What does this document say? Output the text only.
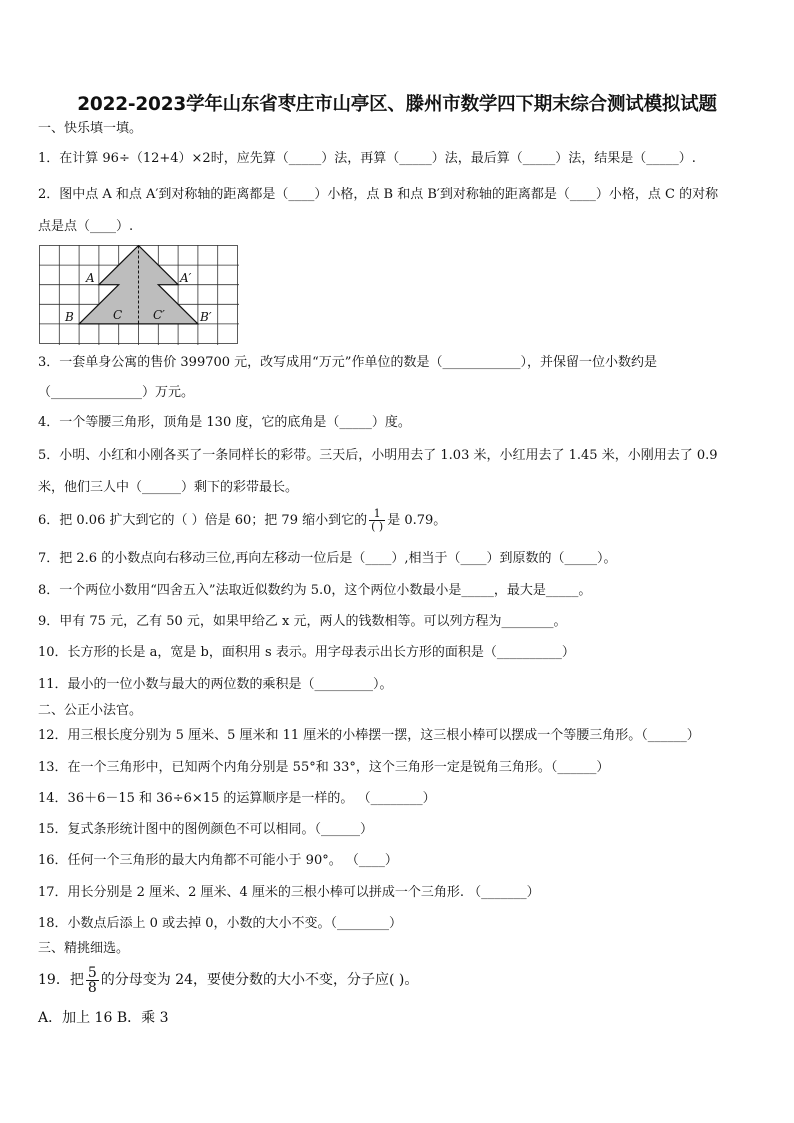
2022-2023学年山东省枣庄市山亭区、滕州市数学四下期末综合测试模拟试题
一、快乐填一填。
1．在计算 96÷（12+4）×2时，应先算（_____）法，再算（_____）法，最后算（_____）法，结果是（_____）.
2．图中点 A 和点 A′到对称轴的距离都是（____）小格，点 B 和点 B′到对称轴的距离都是（____）小格，点 C 的对称
点是点（____）.
A	A′
B	B′
C	C′
3．一套单身公寓的售价 399700 元，改写成用“万元”作单位的数是（____________），并保留一位小数约是
（______________）万元。
4．一个等腰三角形，顶角是 130 度，它的底角是（_____）度。
5．小明、小红和小刚各买了一条同样长的彩带。三天后，小明用去了 1.03 米，小红用去了 1.45 米，小刚用去了 0.9
米，他们三人中（______）剩下的彩带最长。
6．把 0.06 扩大到它的（ ）倍是 60；把 79 缩小到它的 $\frac{1}{( )}$ 是 0.79。
7．把 2.6 的小数点向右移动三位,再向左移动一位后是（____）,相当于（____）到原数的（_____）。
8．一个两位小数用“四舍五入”法取近似数约为 5.0，这个两位小数最小是_____，最大是_____。
9．甲有 75 元，乙有 50 元，如果甲给乙 x 元，两人的钱数相等。可以列方程为________。
10．长方形的长是 a，宽是 b，面积用 s 表示。用字母表示出长方形的面积是（__________）
11．最小的一位小数与最大的两位数的乘积是（_________）。
二、公正小法官。
12．用三根长度分别为 5 厘米、5 厘米和 11 厘米的小棒摆一摆，这三根小棒可以摆成一个等腰三角形。（______）
13．在一个三角形中，已知两个内角分别是 55°和 33°，这个三角形一定是锐角三角形。（______）
14．36＋6－15 和 36÷6×15 的运算顺序是一样的。 （________）
15．复式条形统计图中的图例颜色不可以相同。（______）
16．任何一个三角形的最大内角都不可能小于 90°。 （____）
17．用长分别是 2 厘米、2 厘米、4 厘米的三根小棒可以拼成一个三角形. （_______）
18．小数点后添上 0 或去掉 0，小数的大小不变。（________）
三、精挑细选。
19．把 $\frac{5}{8}$ 的分母变为 24，要使分数的大小不变，分子应( )。
A．加上 16 B．乘 3
